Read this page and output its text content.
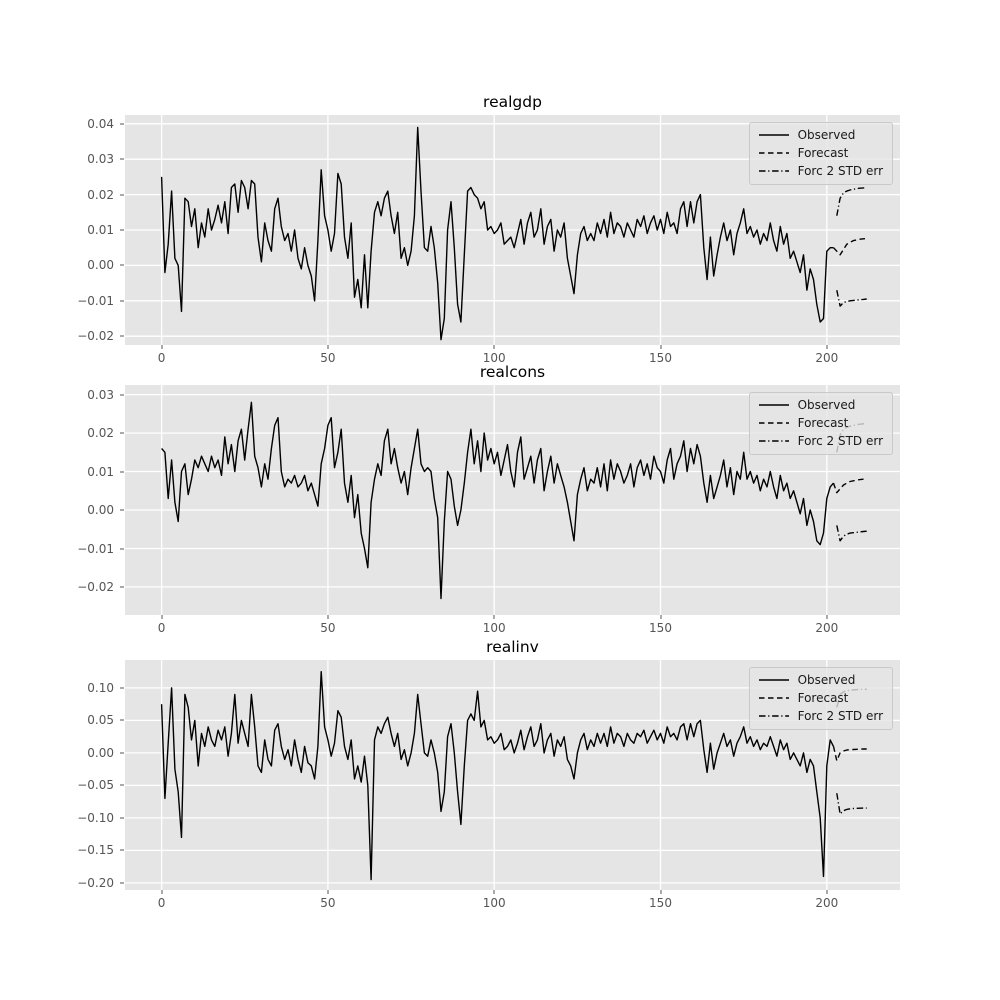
realgdp
Observed
Forecast
Forc 2 STD err
−0.02
−0.01
0.00
0.01
0.02
0.03
0.04
0	50	100	150	200
realcons
Observed
Forecast
Forc 2 STD err
−0.02
−0.01
0.00
0.01
0.02
0.03
0	50	100	150	200
realinv
Observed
Forecast
Forc 2 STD err
−0.20
−0.15
−0.10
−0.05
0.00
0.05
0.10
0	50	100	150	200
